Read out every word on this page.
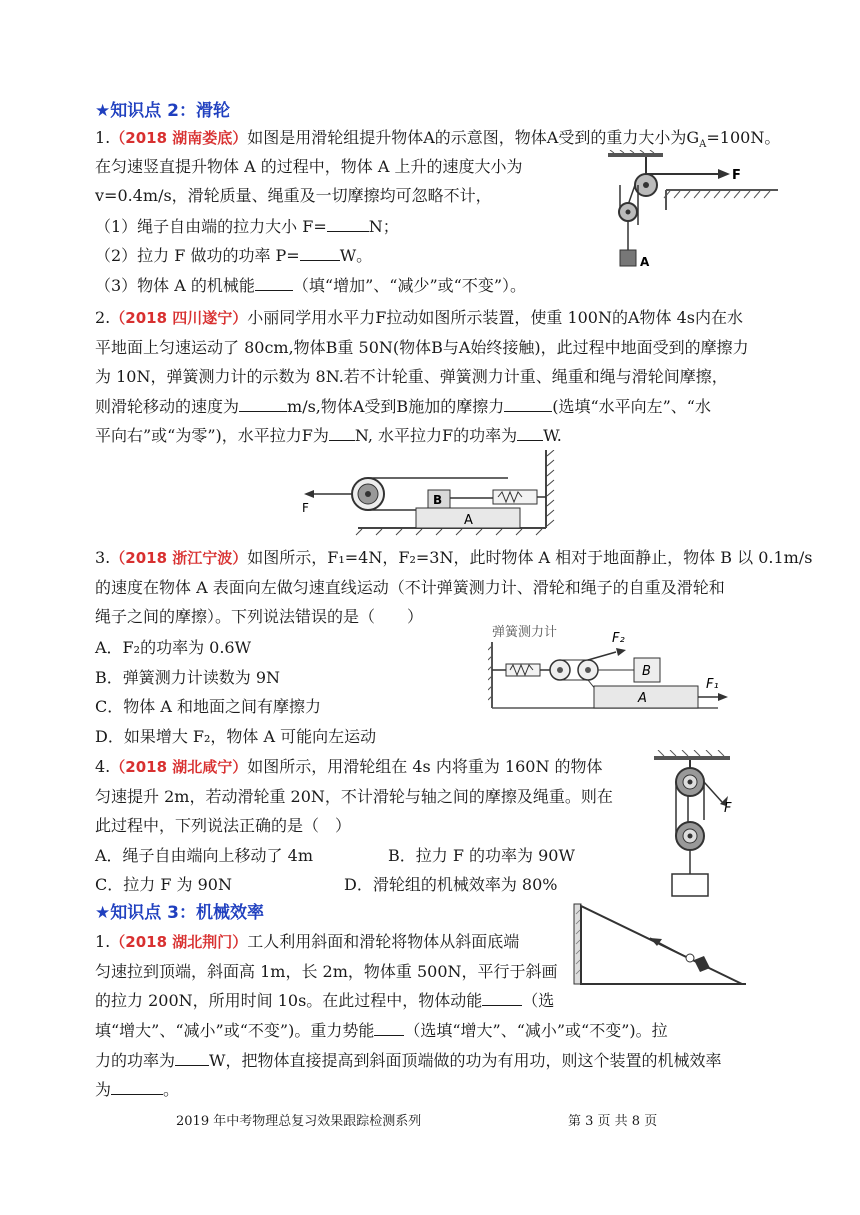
★知识点 2：滑轮
1.（2018 湖南娄底）如图是用滑轮组提升物体A的示意图，物体A受到的重力大小为$G_A=100N$。
在匀速竖直提升物体 A 的过程中，物体 A 上升的速度大小为
v=0.4m/s，滑轮质量、绳重及一切摩擦均可忽略不计，
（1）绳子自由端的拉力大小 F=	N；
（2）拉力 F 做功的功率 P=	W。
（3）物体 A 的机械能 （填“增加”、“减少”或“不变”）。
A
F
2.（2018 四川遂宁）小丽同学用水平力F拉动如图所示装置，使重 100N的A物体 4s内在水
平地面上匀速运动了 80cm,物体B重 50N(物体B与A始终接触)，此过程中地面受到的摩擦力
为 10N，弹簧测力计的示数为 8N.若不计轮重、弹簧测力计重、绳重和绳与滑轮间摩擦，
则滑轮移动的速度为	m/s,物体A受到B施加的摩擦力	(选填“水平向左”、“水
平向右”或“为零”)，水平拉力F为 N, 水平拉力F的功率为 W.
A
B
F
3.（2018 浙江宁波）如图所示，F₁=4N，F₂=3N，此时物体 A 相对于地面静止，物体 B 以 0.1m/s
的速度在物体 A 表面向左做匀速直线运动（不计弹簧测力计、滑轮和绳子的自重及滑轮和
绳子之间的摩擦）。下列说法错误的是（　　）
A．F₂的功率为 0.6W
B．弹簧测力计读数为 9N
C．物体 A 和地面之间有摩擦力
D．如果增大 F₂，物体 A 可能向左运动
弹簧测力计	F₂
B
A
F₁
4.（2018 湖北咸宁）如图所示，用滑轮组在 4s 内将重为 160N 的物体
匀速提升 2m，若动滑轮重 20N，不计滑轮与轴之间的摩擦及绳重。则在
此过程中，下列说法正确的是（　）
A．绳子自由端向上移动了 4m	B．拉力 F 的功率为 90W
C．拉力 F 为 90N	D．滑轮组的机械效率为 80%
F
★知识点 3：机械效率
1.（2018 湖北荆门）工人利用斜面和滑轮将物体从斜面底端
匀速拉到顶端，斜面高 1m，长 2m，物体重 500N，平行于斜画
的拉力 200N，所用时间 10s。在此过程中，物体动能	（选
填“增大”、“减小”或“不变”)。重力势能 （选填“增大”、“减小”或“不变”)。拉
力的功率为 W，把物体直接提高到斜面顶端做的功为有用功，则这个装置的机械效率
为	。
2019 年中考物理总复习效果跟踪检测系列	第 3 页 共 8 页
